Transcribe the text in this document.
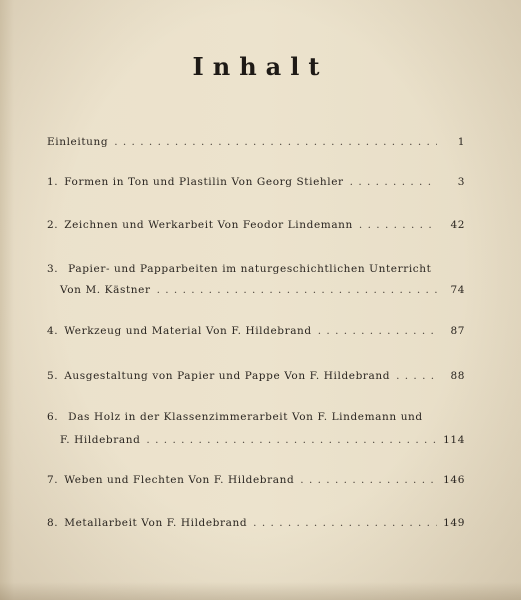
Inhalt
Einleitung . . .	1
1. Formen in Ton und Plastilin Von Georg Stiehler . . .	3
2. Zeichnen und Werkarbeit Von Feodor Lindemann . . .	42
3. Papier- und Papparbeiten im naturgeschichtlichen Unterricht
Von M. Kästner . . .	74
4. Werkzeug und Material Von F. Hildebrand . . .	87
5. Ausgestaltung von Papier und Pappe Von F. Hildebrand . . .	88
6. Das Holz in der Klassenzimmerarbeit Von F. Lindemann und
F. Hildebrand . . .	114
7. Weben und Flechten Von F. Hildebrand . . .	146
8. Metallarbeit Von F. Hildebrand . . .	149
